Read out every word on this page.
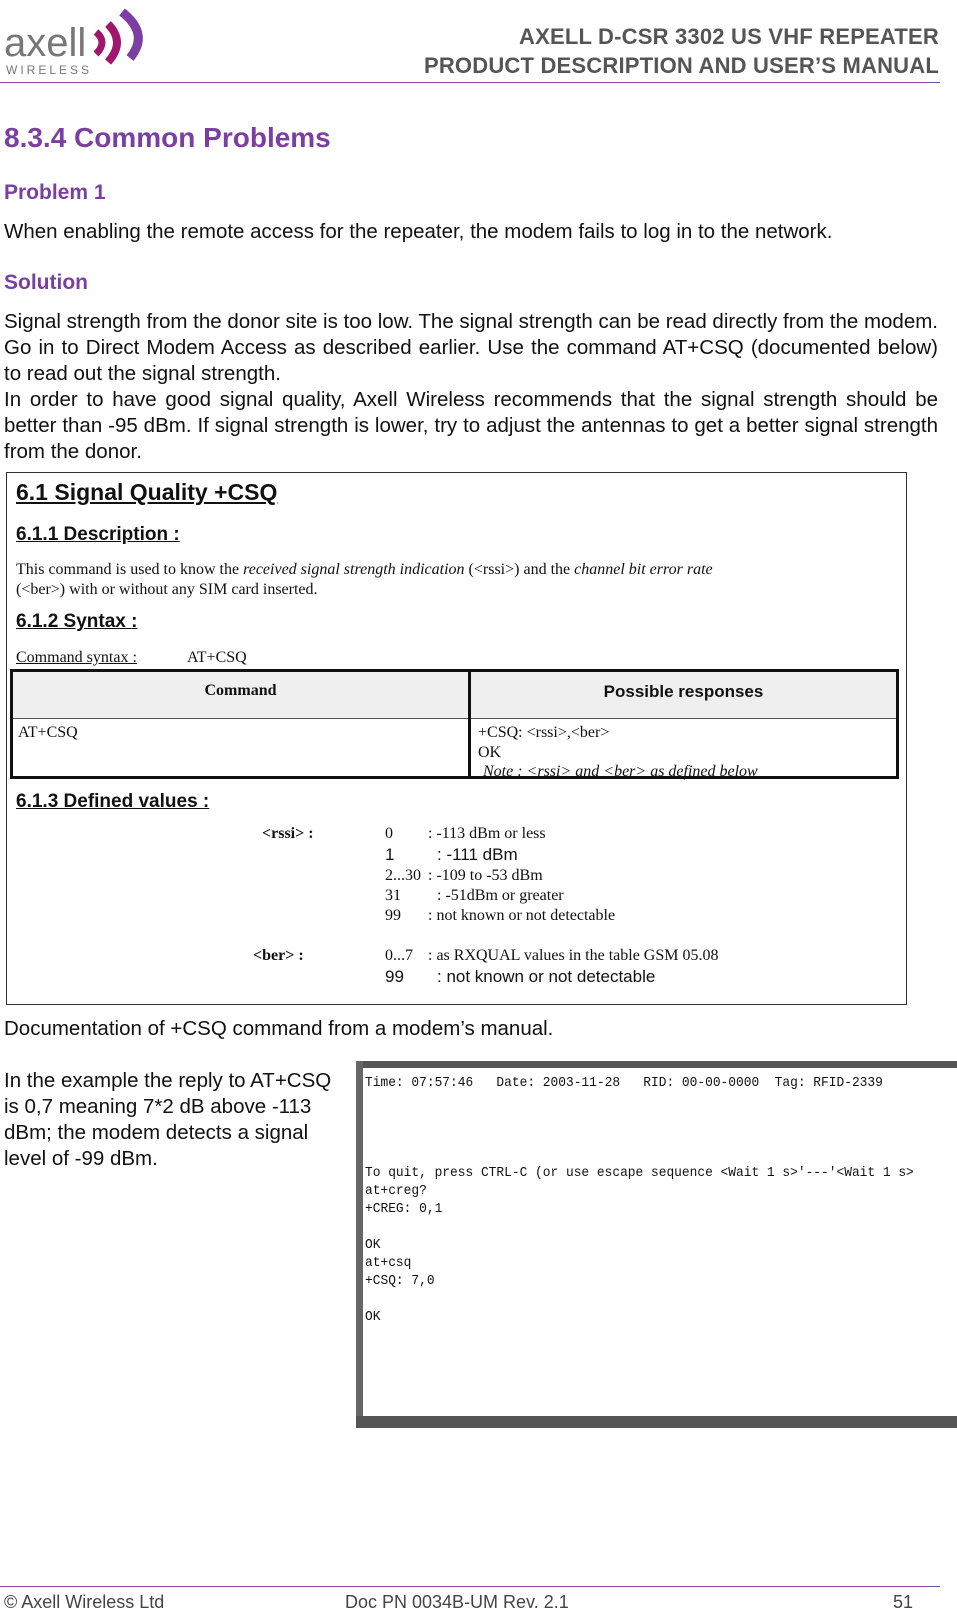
axell
WIRELESS
AXELL D-CSR 3302 US VHF REPEATER
PRODUCT DESCRIPTION AND USER’S MANUAL
8.3.4 Common Problems
Problem 1
When enabling the remote access for the repeater, the modem fails to log in to the network.
Solution
Signal strength from the donor site is too low. The signal strength can be read directly from the modem. Go in to Direct Modem Access as described earlier. Use the command AT+CSQ (documented below) to read out the signal strength.
In order to have good signal quality, Axell Wireless recommends that the signal strength should be better than -95 dBm. If signal strength is lower, try to adjust the antennas to get a better signal strength from the donor.
6.1 Signal Quality +CSQ
6.1.1 Description :
This command is used to know the received signal strength indication (<rssi>) and the channel bit error rate
(<ber>) with or without any SIM card inserted.
6.1.2 Syntax :
Command syntax :	AT+CSQ
Command	Possible responses
AT+CSQ	+CSQ: <rssi>,<ber>
OK
Note : <rssi> and <ber> as defined below
6.1.3 Defined values :
<rssi> :	0 : -113 dBm or less
1	: -111 dBm
2...30 : -109 to -53 dBm
31 : -51dBm or greater
99 : not known or not detectable
<ber> :	0...7 : as RXQUAL values in the table GSM 05.08
99 : not known or not detectable
Documentation of +CSQ command from a modem’s manual.
In the example the reply to AT+CSQ is 0,7 meaning 7*2 dB above -113 dBm; the modem detects a signal level of -99 dBm.
Time: 07:57:46   Date: 2003-11-28   RID: 00-00-0000  Tag: RFID-2339
To quit, press CTRL-C (or use escape sequence <Wait 1 s>'---'<Wait 1 s>
at+creg?
+CREG: 0,1
OK
at+csq
+CSQ: 7,0
OK
© Axell Wireless Ltd	Doc PN 0034B-UM Rev. 2.1	51
